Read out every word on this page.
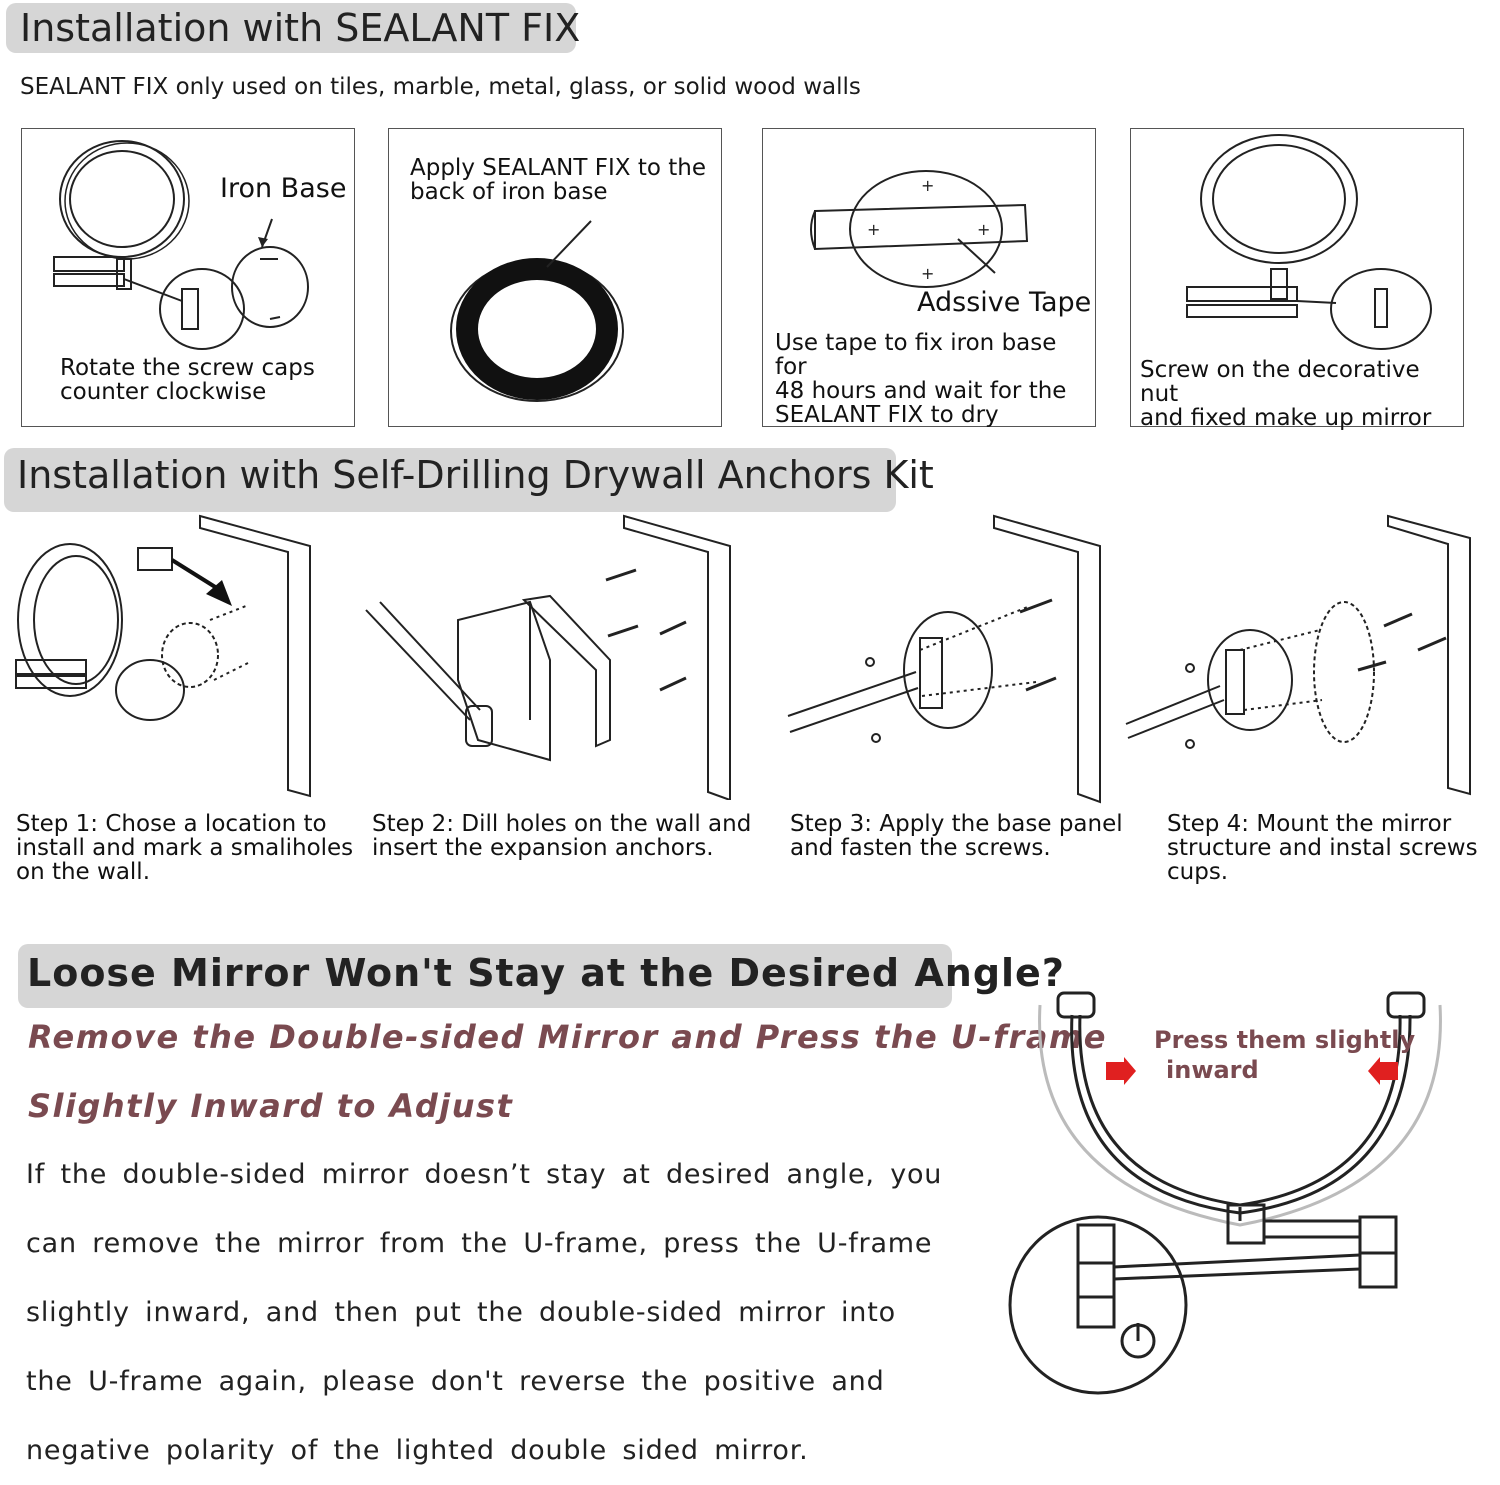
Installation with SEALANT FIX
SEALANT FIX only used on tiles, marble, metal, glass, or solid wood walls
Iron Base
Rotate the screw caps
counter clockwise
Apply SEALANT FIX to the
back of iron base	+
+	+
+
Adssive Tape
Use tape to fix iron base for
48 hours and wait for the
SEALANT FIX to dry
Screw on the decorative nut
and fixed make up mirror
Installation with Self-Drilling Drywall Anchors Kit
Step 1: Chose a location to
install and mark a smaliholes
on the wall.
Step 2: Dill holes on the wall and
insert the expansion anchors.
Step 3: Apply the base panel
and fasten the screws.
Step 4: Mount the mirror
structure and instal screws
cups.
Loose Mirror Won't Stay at the Desired Angle?
Remove the Double-sided Mirror and Press the U-frame
Slightly Inward to Adjust
If the double-sided mirror doesn’t stay at desired angle, you can remove the mirror from the U-frame, press the U-frame slightly inward, and then put the double-sided mirror into the U-frame again, please don't reverse the positive and negative polarity of the lighted double sided mirror.
Press them slightly
inward
